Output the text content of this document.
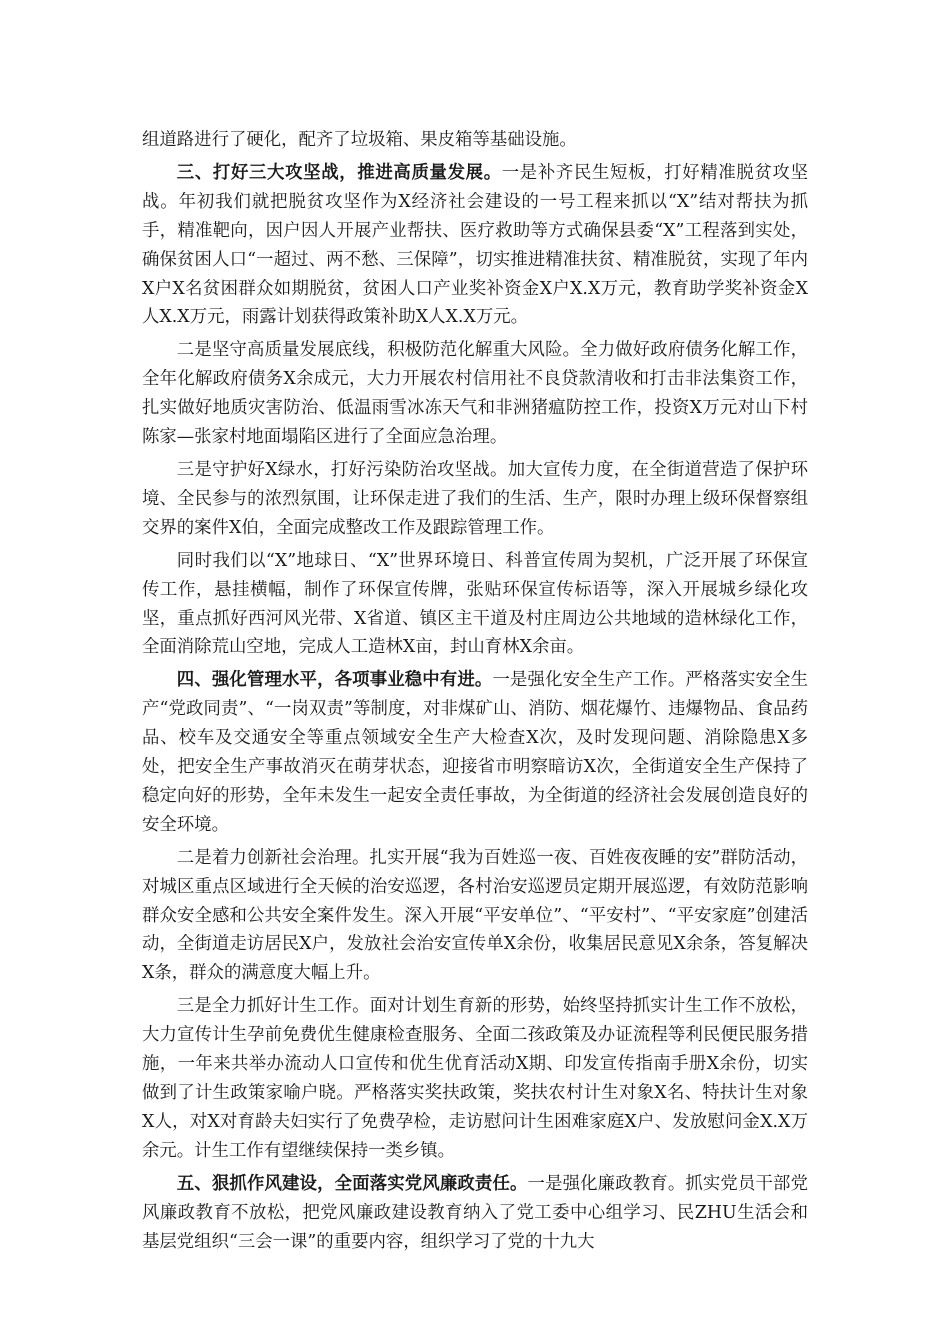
组道路进行了硬化，配齐了垃圾箱、果皮箱等基础设施。

三、打好三大攻坚战，推进高质量发展。一是补齐民生短板，打好精准脱贫攻坚战。年初我们就把脱贫攻坚作为X经济社会建设的一号工程来抓以“X”结对帮扶为抓手，精准靶向，因户因人开展产业帮扶、医疗救助等方式确保县委“X”工程落到实处，确保贫困人口“一超过、两不愁、三保障”，切实推进精准扶贫、精准脱贫，实现了年内X户X名贫困群众如期脱贫，贫困人口产业奖补资金X户X.X万元，教育助学奖补资金X人X.X万元，雨露计划获得政策补助X人X.X万元。

二是坚守高质量发展底线，积极防范化解重大风险。全力做好政府债务化解工作，全年化解政府债务X余成元，大力开展农村信用社不良贷款清收和打击非法集资工作，扎实做好地质灾害防治、低温雨雪冰冻天气和非洲猪瘟防控工作，投资X万元对山下村陈家—张家村地面塌陷区进行了全面应急治理。

三是守护好X绿水，打好污染防治攻坚战。加大宣传力度，在全街道营造了保护环境、全民参与的浓烈氛围，让环保走进了我们的生活、生产，限时办理上级环保督察组交界的案件X伯，全面完成整改工作及跟踪管理工作。

同时我们以“X”地球日、“X”世界环境日、科普宣传周为契机，广泛开展了环保宣传工作，悬挂横幅，制作了环保宣传牌，张贴环保宣传标语等，深入开展城乡绿化攻坚，重点抓好西河风光带、X省道、镇区主干道及村庄周边公共地域的造林绿化工作，全面消除荒山空地，完成人工造林X亩，封山育林X余亩。

四、强化管理水平，各项事业稳中有进。一是强化安全生产工作。严格落实安全生产“党政同责”、“一岗双责”等制度，对非煤矿山、消防、烟花爆竹、违爆物品、食品药品、校车及交通安全等重点领域安全生产大检查X次，及时发现问题、消除隐患X多处，把安全生产事故消灭在萌芽状态，迎接省市明察暗访X次，全街道安全生产保持了稳定向好的形势，全年未发生一起安全责任事故，为全街道的经济社会发展创造良好的安全环境。

二是着力创新社会治理。扎实开展“我为百姓巡一夜、百姓夜夜睡的安”群防活动，对城区重点区域进行全天候的治安巡逻，各村治安巡逻员定期开展巡逻，有效防范影响群众安全感和公共安全案件发生。深入开展“平安单位”、“平安村”、“平安家庭”创建活动，全街道走访居民X户，发放社会治安宣传单X余份，收集居民意见X余条，答复解决X条，群众的满意度大幅上升。

三是全力抓好计生工作。面对计划生育新的形势，始终坚持抓实计生工作不放松，大力宣传计生孕前免费优生健康检查服务、全面二孩政策及办证流程等利民便民服务措施，一年来共举办流动人口宣传和优生优育活动X期、印发宣传指南手册X余份，切实做到了计生政策家喻户晓。严格落实奖扶政策，奖扶农村计生对象X名、特扶计生对象X人，对X对育龄夫妇实行了免费孕检，走访慰问计生困难家庭X户、发放慰问金X.X万余元。计生工作有望继续保持一类乡镇。

五、狠抓作风建设，全面落实党风廉政责任。一是强化廉政教育。抓实党员干部党风廉政教育不放松，把党风廉政建设教育纳入了党工委中心组学习、民ZHU生活会和基层党组织“三会一课”的重要内容，组织学习了党的十九大
